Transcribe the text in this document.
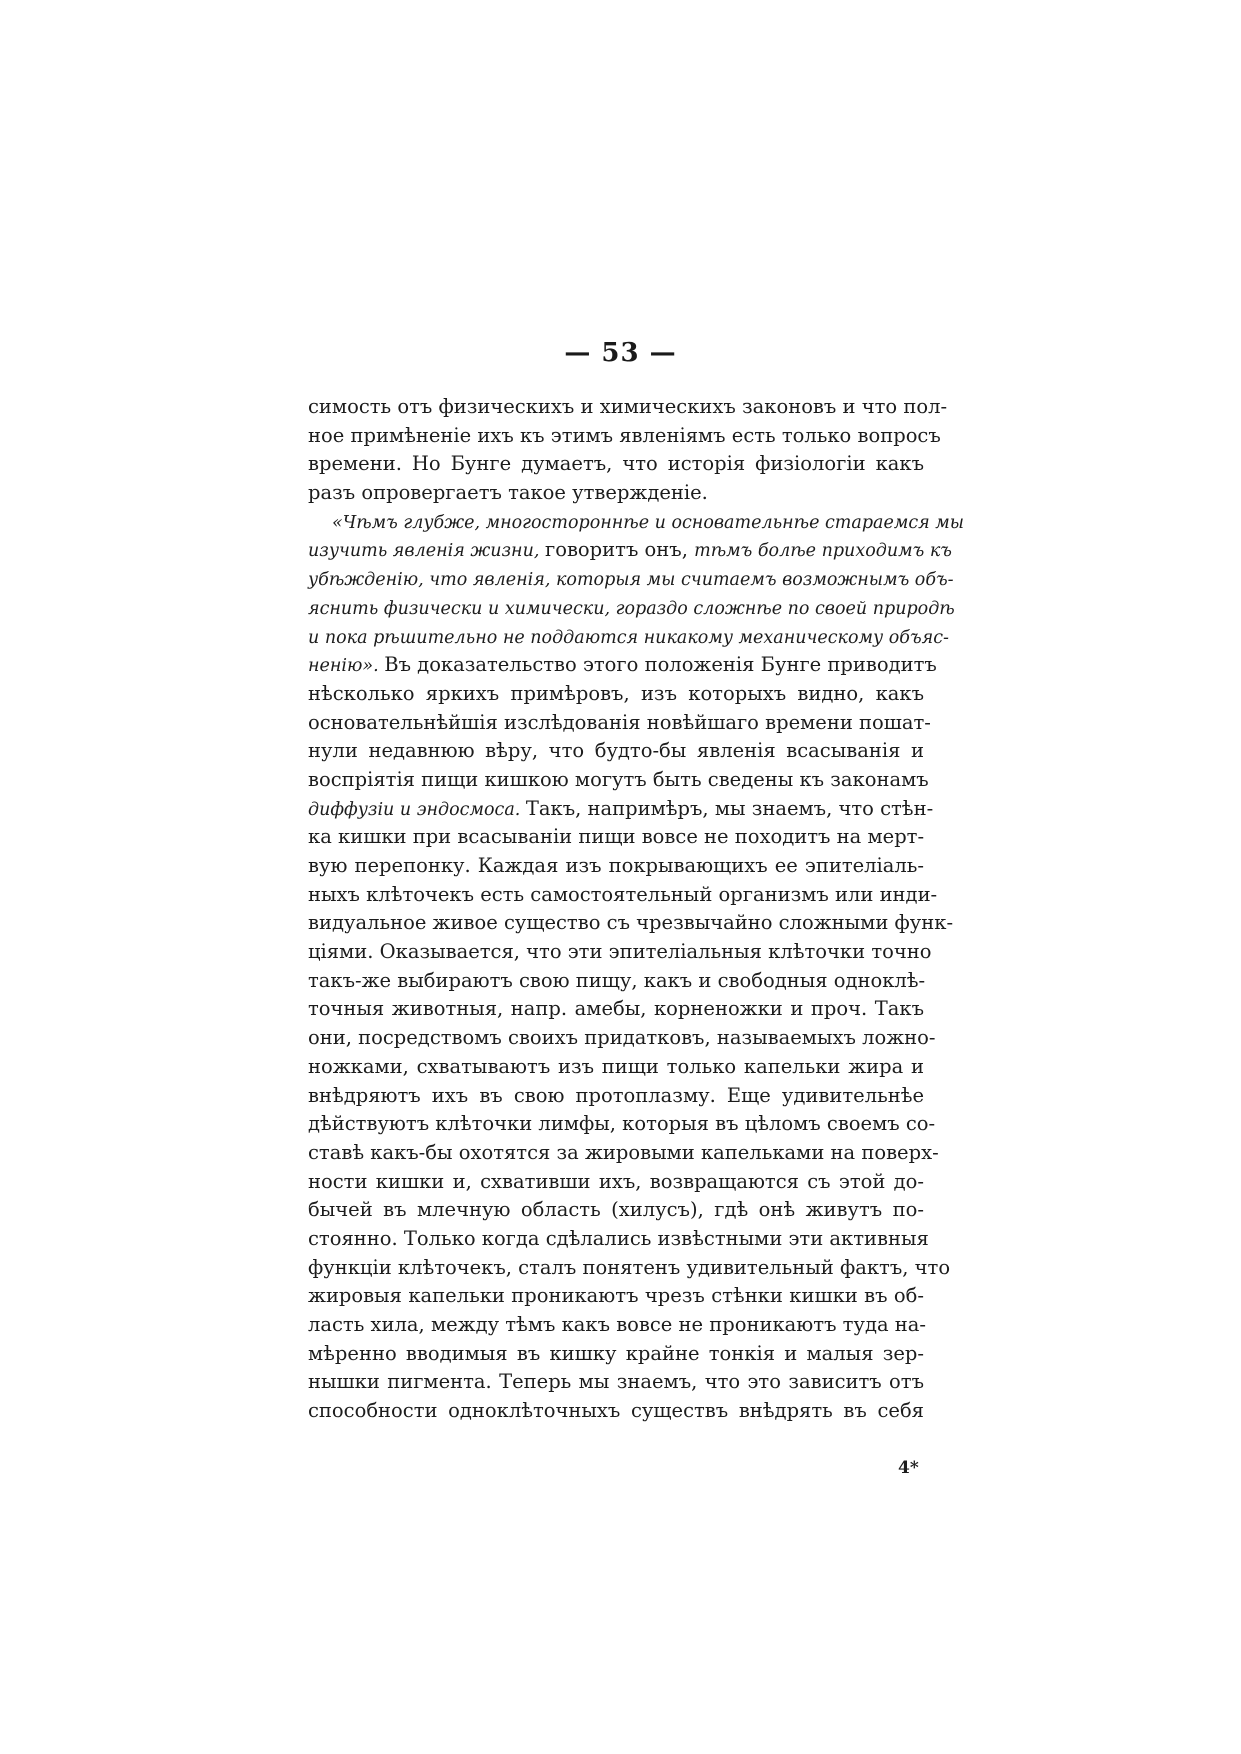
— 53 —
симость отъ физическихъ и химическихъ законовъ и что пол-
ное примѣненіе ихъ къ этимъ явленіямъ есть только вопросъ
времени. Но Бунге думаетъ, что исторія физіологіи какъ
разъ опровергаетъ такое утвержденіе.
«Чѣмъ глубже, многостороннѣе и основательнѣе стараемся мы
изучить явленія жизни, говоритъ онъ, тѣмъ болѣе приходимъ къ
убѣжденію, что явленія, которыя мы считаемъ возможнымъ объ-
яснить физически и химически, гораздо сложнѣе по своей природѣ
и пока рѣшительно не поддаются никакому механическому объяс-
ненію». Въ доказательство этого положенія Бунге приводитъ
нѣсколько яркихъ примѣровъ, изъ которыхъ видно, какъ
основательнѣйшія изслѣдованія новѣйшаго времени пошат-
нули недавнюю вѣру, что будто-бы явленія всасыванія и
воспріятія пищи кишкою могутъ быть сведены къ законамъ
диффузіи и эндосмоса. Такъ, напримѣръ, мы знаемъ, что стѣн-
ка кишки при всасываніи пищи вовсе не походитъ на мерт-
вую перепонку. Каждая изъ покрывающихъ ее эпителіаль-
ныхъ клѣточекъ есть самостоятельный организмъ или инди-
видуальное живое существо съ чрезвычайно сложными функ-
ціями. Оказывается, что эти эпителіальныя клѣточки точно
такъ-же выбираютъ свою пищу, какъ и свободныя одноклѣ-
точныя животныя, напр. амебы, корненожки и проч. Такъ
они, посредствомъ своихъ придатковъ, называемыхъ ложно-
ножками, схватываютъ изъ пищи только капельки жира и
внѣдряютъ ихъ въ свою протоплазму. Еще удивительнѣе
дѣйствуютъ клѣточки лимфы, которыя въ цѣломъ своемъ со-
ставѣ какъ-бы охотятся за жировыми капельками на поверх-
ности кишки и, схвативши ихъ, возвращаются съ этой до-
бычей въ млечную область (хилусъ), гдѣ онѣ живутъ по-
стоянно. Только когда сдѣлались извѣстными эти активныя
функціи клѣточекъ, сталъ понятенъ удивительный фактъ, что
жировыя капельки проникаютъ чрезъ стѣнки кишки въ об-
ласть хила, между тѣмъ какъ вовсе не проникаютъ туда на-
мѣренно вводимыя въ кишку крайне тонкія и малыя зер-
нышки пигмента. Теперь мы знаемъ, что это зависитъ отъ
способности одноклѣточныхъ существъ внѣдрять въ себя
4*
